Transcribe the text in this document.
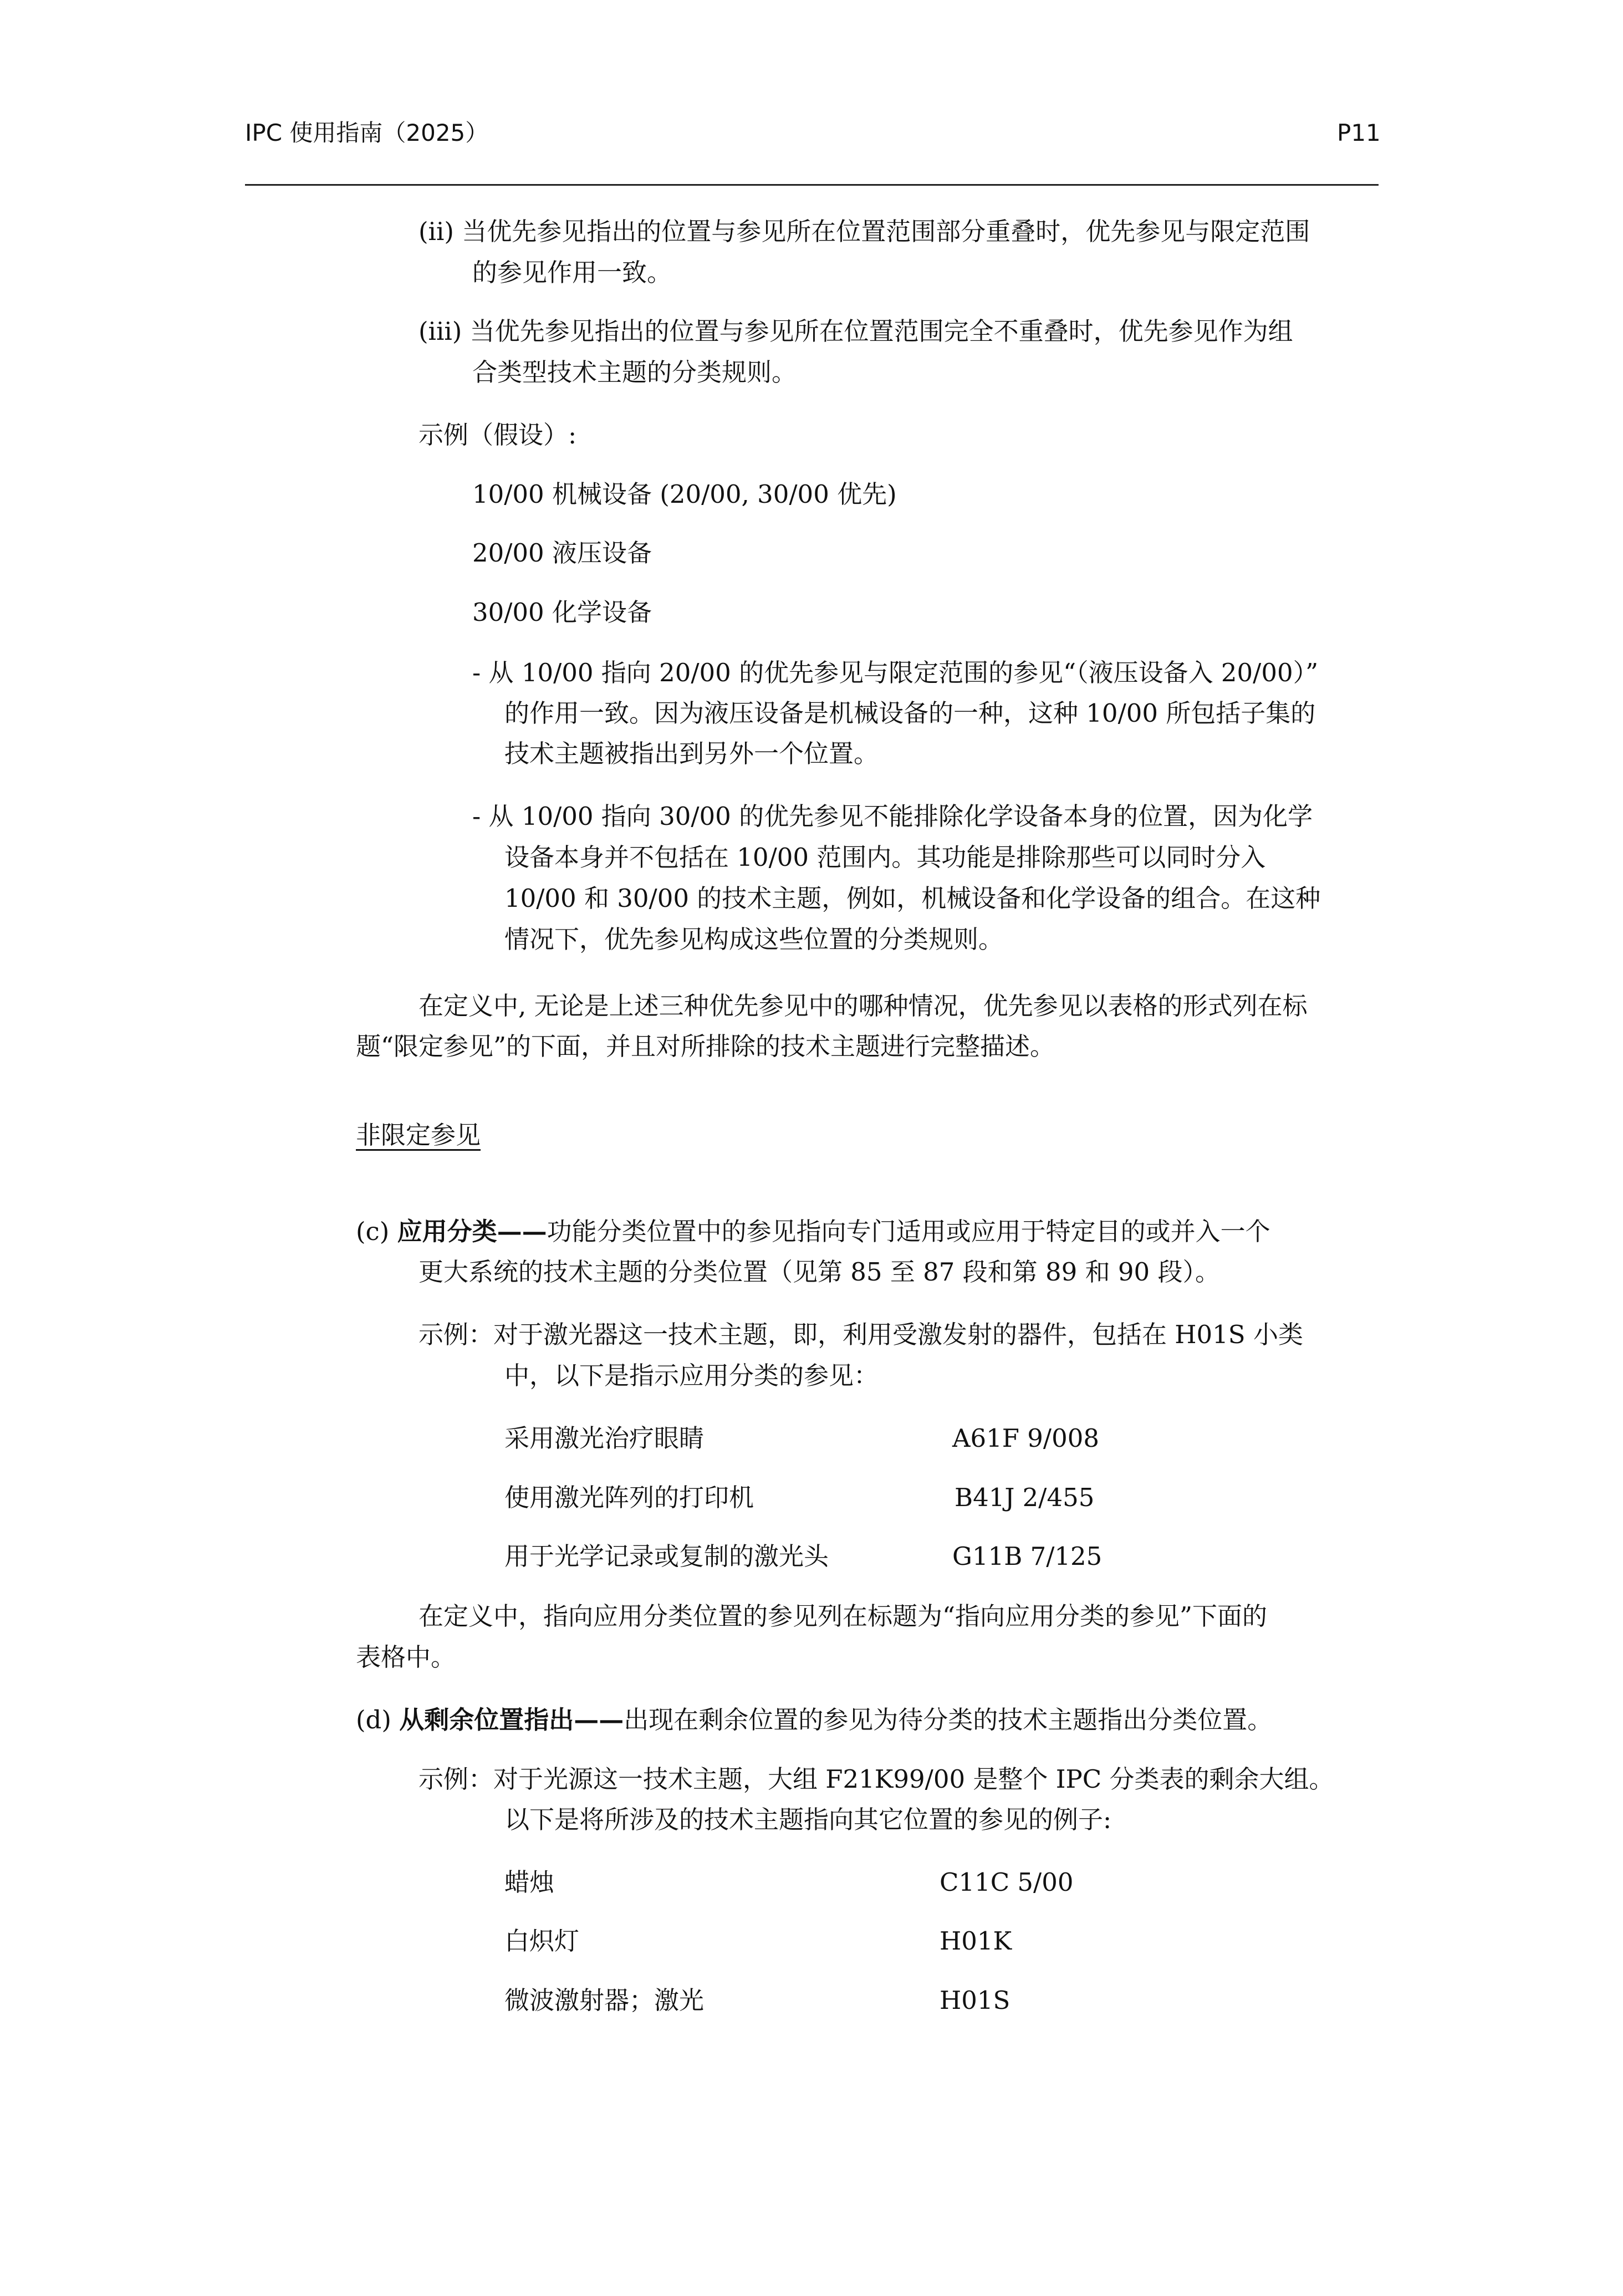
IPC 使用指南（2025）	P11
(ii) 当优先参见指出的位置与参见所在位置范围部分重叠时，优先参见与限定范围
的参见作用一致。
(iii) 当优先参见指出的位置与参见所在位置范围完全不重叠时，优先参见作为组
合类型技术主题的分类规则。
示例（假设）:
10/00 机械设备 (20/00, 30/00 优先)
20/00 液压设备
30/00 化学设备
- 从 10/00 指向 20/00 的优先参见与限定范围的参见“（液压设备入 20/00）”
的作用一致。因为液压设备是机械设备的一种，这种 10/00 所包括子集的
技术主题被指出到另外一个位置。
- 从 10/00 指向 30/00 的优先参见不能排除化学设备本身的位置，因为化学
设备本身并不包括在 10/00 范围内。其功能是排除那些可以同时分入
10/00 和 30/00 的技术主题，例如，机械设备和化学设备的组合。在这种
情况下，优先参见构成这些位置的分类规则。
在定义中, 无论是上述三种优先参见中的哪种情况，优先参见以表格的形式列在标
题“限定参见”的下面，并且对所排除的技术主题进行完整描述。
非限定参见
(c) 应用分类——功能分类位置中的参见指向专门适用或应用于特定目的或并入一个
更大系统的技术主题的分类位置（见第 85 至 87 段和第 89 和 90 段）。
示例：对于激光器这一技术主题，即，利用受激发射的器件，包括在 H01S 小类
中，以下是指示应用分类的参见：
采用激光治疗眼睛	A61F 9/008
使用激光阵列的打印机	B41J 2/455
用于光学记录或复制的激光头	G11B 7/125
在定义中，指向应用分类位置的参见列在标题为“指向应用分类的参见”下面的
表格中。
(d) 从剩余位置指出——出现在剩余位置的参见为待分类的技术主题指出分类位置。
示例：对于光源这一技术主题，大组 F21K99/00 是整个 IPC 分类表的剩余大组。
以下是将所涉及的技术主题指向其它位置的参见的例子:
蜡烛	C11C 5/00
白炽灯	H01K
微波激射器；激光	H01S
